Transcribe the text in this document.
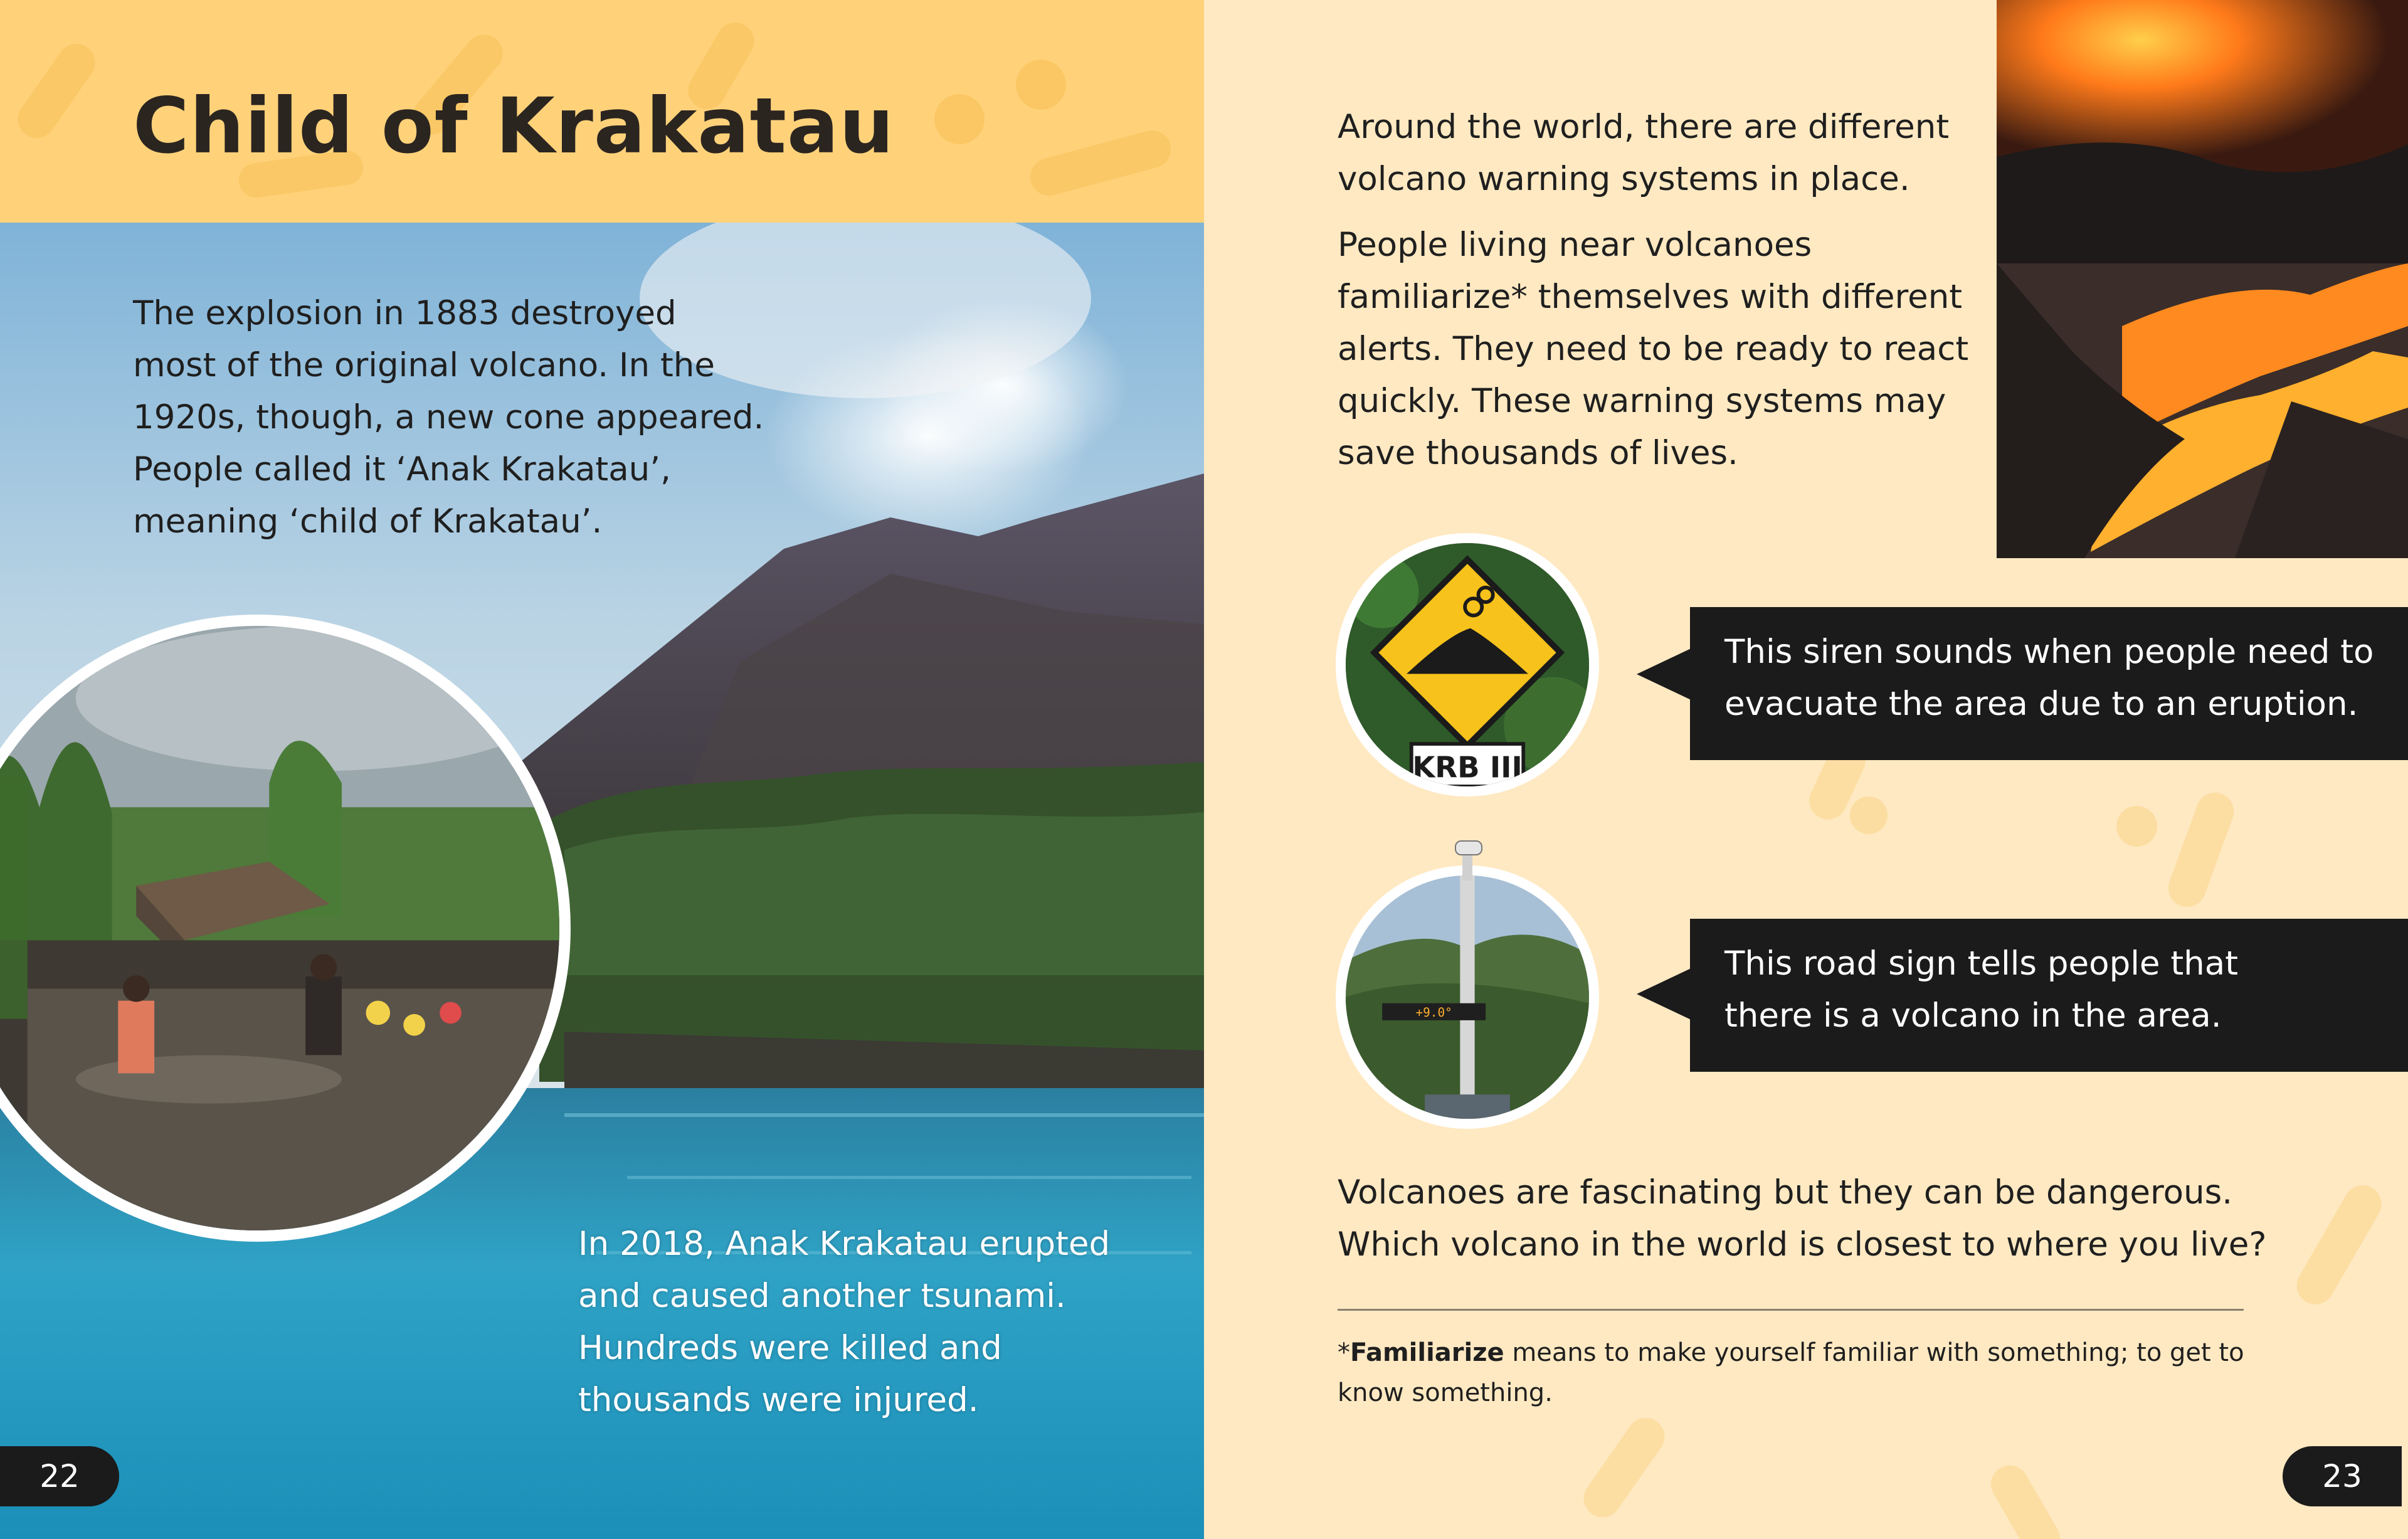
Child of Krakatau
The explosion in 1883 destroyed
most of the original volcano. In the
1920s, though, a new cone appeared.
People called it ‘Anak Krakatau’,
meaning ‘child of Krakatau’.
In 2018, Anak Krakatau erupted
and caused another tsunami.
Hundreds were killed and
thousands were injured.
22
Around the world, there are different
volcano warning systems in place.
People living near volcanoes
familiarize* themselves with different
alerts. They need to be ready to react
quickly. These warning systems may
save thousands of lives.
KRB III
+9.0°
This siren sounds when people need to
evacuate the area due to an eruption.
This road sign tells people that
there is a volcano in the area.
Volcanoes are fascinating but they can be dangerous.
Which volcano in the world is closest to where you live?
*Familiarize means to make yourself familiar with something; to get to
know something.
23
